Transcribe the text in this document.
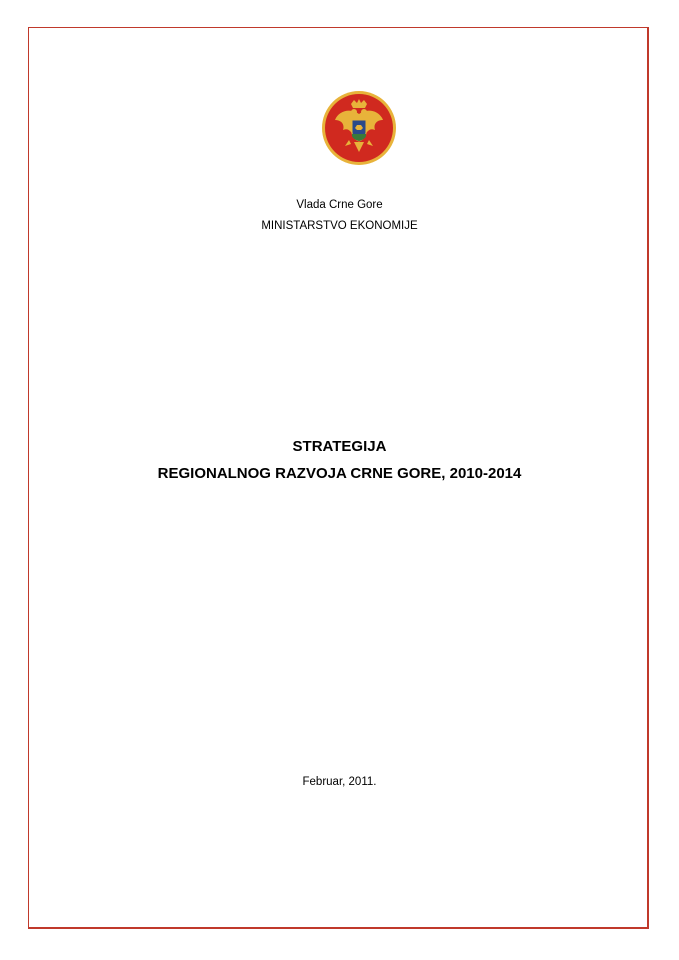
Vlada Crne Gore
MINISTARSTVO EKONOMIJE
STRATEGIJA
REGIONALNOG RAZVOJA CRNE GORE, 2010-2014
Februar, 2011.
